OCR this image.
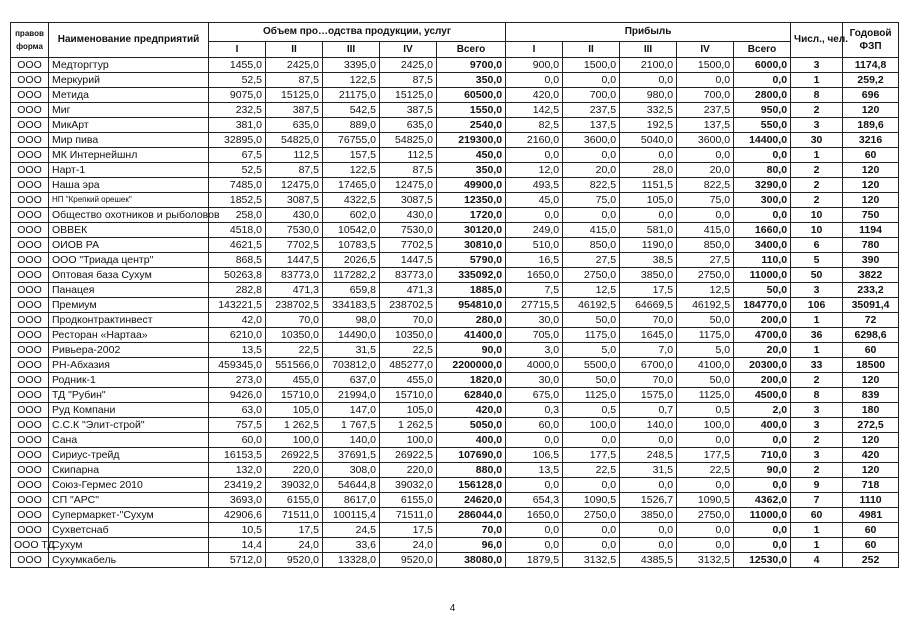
правов форма	Наименование предприятий	Объем про…одства продукции, услуг					Прибыль					Числ., чел.	Годовой ФЗП
		I	II	III	IV	Всего	I	II	III	IV	Всего		
ООО	Медторгтур	1455,0	2425,0	3395,0	2425,0	9700,0	900,0	1500,0	2100,0	1500,0	6000,0	3	1174,8
ООО	Меркурий	52,5	87,5	122,5	87,5	350,0	0,0	0,0	0,0	0,0	0,0	1	259,2
ООО	Метида	9075,0	15125,0	21175,0	15125,0	60500,0	420,0	700,0	980,0	700,0	2800,0	8	696
ООО	Миг	232,5	387,5	542,5	387,5	1550,0	142,5	237,5	332,5	237,5	950,0	2	120
ООО	МикАрт	381,0	635,0	889,0	635,0	2540,0	82,5	137,5	192,5	137,5	550,0	3	189,6
ООО	Мир пива	32895,0	54825,0	76755,0	54825,0	219300,0	2160,0	3600,0	5040,0	3600,0	14400,0	30	3216
ООО	МК Интернейшнл	67,5	112,5	157,5	112,5	450,0	0,0	0,0	0,0	0,0	0,0	1	60
ООО	Нарт-1	52,5	87,5	122,5	87,5	350,0	12,0	20,0	28,0	20,0	80,0	2	120
ООО	Наша эра	7485,0	12475,0	17465,0	12475,0	49900,0	493,5	822,5	1151,5	822,5	3290,0	2	120
ООО	НП "Крепкий орешек"	1852,5	3087,5	4322,5	3087,5	12350,0	45,0	75,0	105,0	75,0	300,0	2	120
ООО	Общество охотников и рыболовов	258,0	430,0	602,0	430,0	1720,0	0,0	0,0	0,0	0,0	0,0	10	750
ООО	ОВВЕК	4518,0	7530,0	10542,0	7530,0	30120,0	249,0	415,0	581,0	415,0	1660,0	10	1194
ООО	ОИОВ РА	4621,5	7702,5	10783,5	7702,5	30810,0	510,0	850,0	1190,0	850,0	3400,0	6	780
ООО	ООО "Триада центр"	868,5	1447,5	2026,5	1447,5	5790,0	16,5	27,5	38,5	27,5	110,0	5	390
ООО	Оптовая база Сухум	50263,8	83773,0	117282,2	83773,0	335092,0	1650,0	2750,0	3850,0	2750,0	11000,0	50	3822
ООО	Панацея	282,8	471,3	659,8	471,3	1885,0	7,5	12,5	17,5	12,5	50,0	3	233,2
ООО	Премиум	143221,5	238702,5	334183,5	238702,5	954810,0	27715,5	46192,5	64669,5	46192,5	184770,0	106	35091,4
ООО	Продконтрактинвест	42,0	70,0	98,0	70,0	280,0	30,0	50,0	70,0	50,0	200,0	1	72
ООО	Ресторан «Нартаа»	6210,0	10350,0	14490,0	10350,0	41400,0	705,0	1175,0	1645,0	1175,0	4700,0	36	6298,6
ООО	Ривьера-2002	13,5	22,5	31,5	22,5	90,0	3,0	5,0	7,0	5,0	20,0	1	60
ООО	РН-Абхазия	459345,0	551566,0	703812,0	485277,0	2200000,0	4000,0	5500,0	6700,0	4100,0	20300,0	33	18500
ООО	Родник-1	273,0	455,0	637,0	455,0	1820,0	30,0	50,0	70,0	50,0	200,0	2	120
ООО	ТД "Рубин"	9426,0	15710,0	21994,0	15710,0	62840,0	675,0	1125,0	1575,0	1125,0	4500,0	8	839
ООО	Руд Компани	63,0	105,0	147,0	105,0	420,0	0,3	0,5	0,7	0,5	2,0	3	180
ООО	С.С.К "Элит-строй"	757,5	1 262,5	1 767,5	1 262,5	5050,0	60,0	100,0	140,0	100,0	400,0	3	272,5
ООО	Сана	60,0	100,0	140,0	100,0	400,0	0,0	0,0	0,0	0,0	0,0	2	120
ООО	Сириус-трейд	16153,5	26922,5	37691,5	26922,5	107690,0	106,5	177,5	248,5	177,5	710,0	3	420
ООО	Скипарна	132,0	220,0	308,0	220,0	880,0	13,5	22,5	31,5	22,5	90,0	2	120
ООО	Союз-Гермес 2010	23419,2	39032,0	54644,8	39032,0	156128,0	0,0	0,0	0,0	0,0	0,0	9	718
ООО	СП "АРС"	3693,0	6155,0	8617,0	6155,0	24620,0	654,3	1090,5	1526,7	1090,5	4362,0	7	1110
ООО	Супермаркет-"Сухум	42906,6	71511,0	100115,4	71511,0	286044,0	1650,0	2750,0	3850,0	2750,0	11000,0	60	4981
ООО	Сухветснаб	10,5	17,5	24,5	17,5	70,0	0,0	0,0	0,0	0,0	0,0	1	60
ООО ТД	Сухум	14,4	24,0	33,6	24,0	96,0	0,0	0,0	0,0	0,0	0,0	1	60
ООО	Сухумкабель	5712,0	9520,0	13328,0	9520,0	38080,0	1879,5	3132,5	4385,5	3132,5	12530,0	4	252
4
